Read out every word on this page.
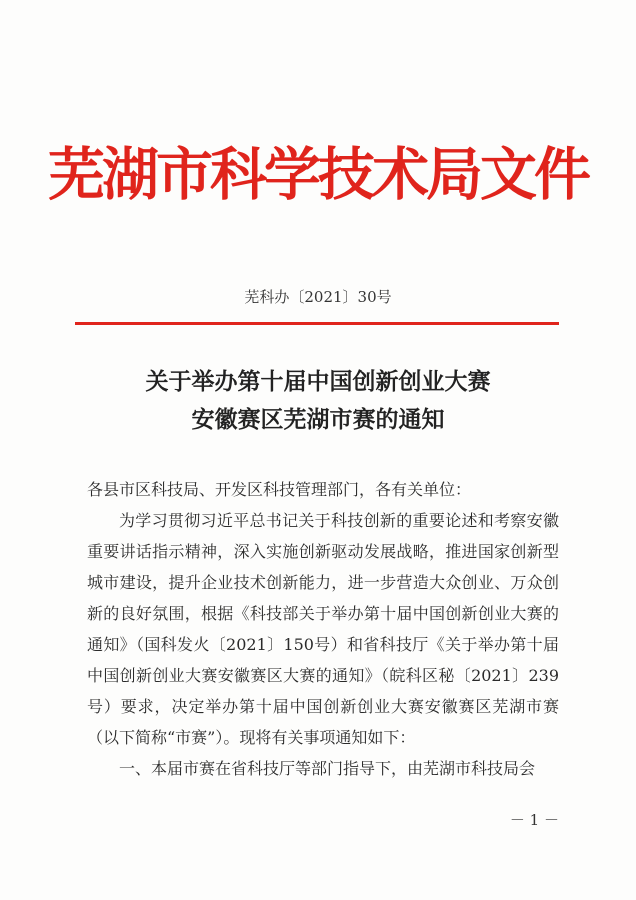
芜湖市科学技术局文件
芜科办〔2021〕30号
关于举办第十届中国创新创业大赛
安徽赛区芜湖市赛的通知

各县市区科技局、开发区科技管理部门，各有关单位：

为学习贯彻习近平总书记关于科技创新的重要论述和考察安徽重要讲话指示精神，深入实施创新驱动发展战略，推进国家创新型城市建设，提升企业技术创新能力，进一步营造大众创业、万众创新的良好氛围，根据《科技部关于举办第十届中国创新创业大赛的通知》（国科发火〔2021〕150号）和省科技厅《关于举办第十届中国创新创业大赛安徽赛区大赛的通知》（皖科区秘〔2021〕239号）要求，决定举办第十届中国创新创业大赛安徽赛区芜湖市赛（以下简称“市赛”）。现将有关事项通知如下：

一、本届市赛在省科技厅等部门指导下，由芜湖市科技局会

－ 1 －
